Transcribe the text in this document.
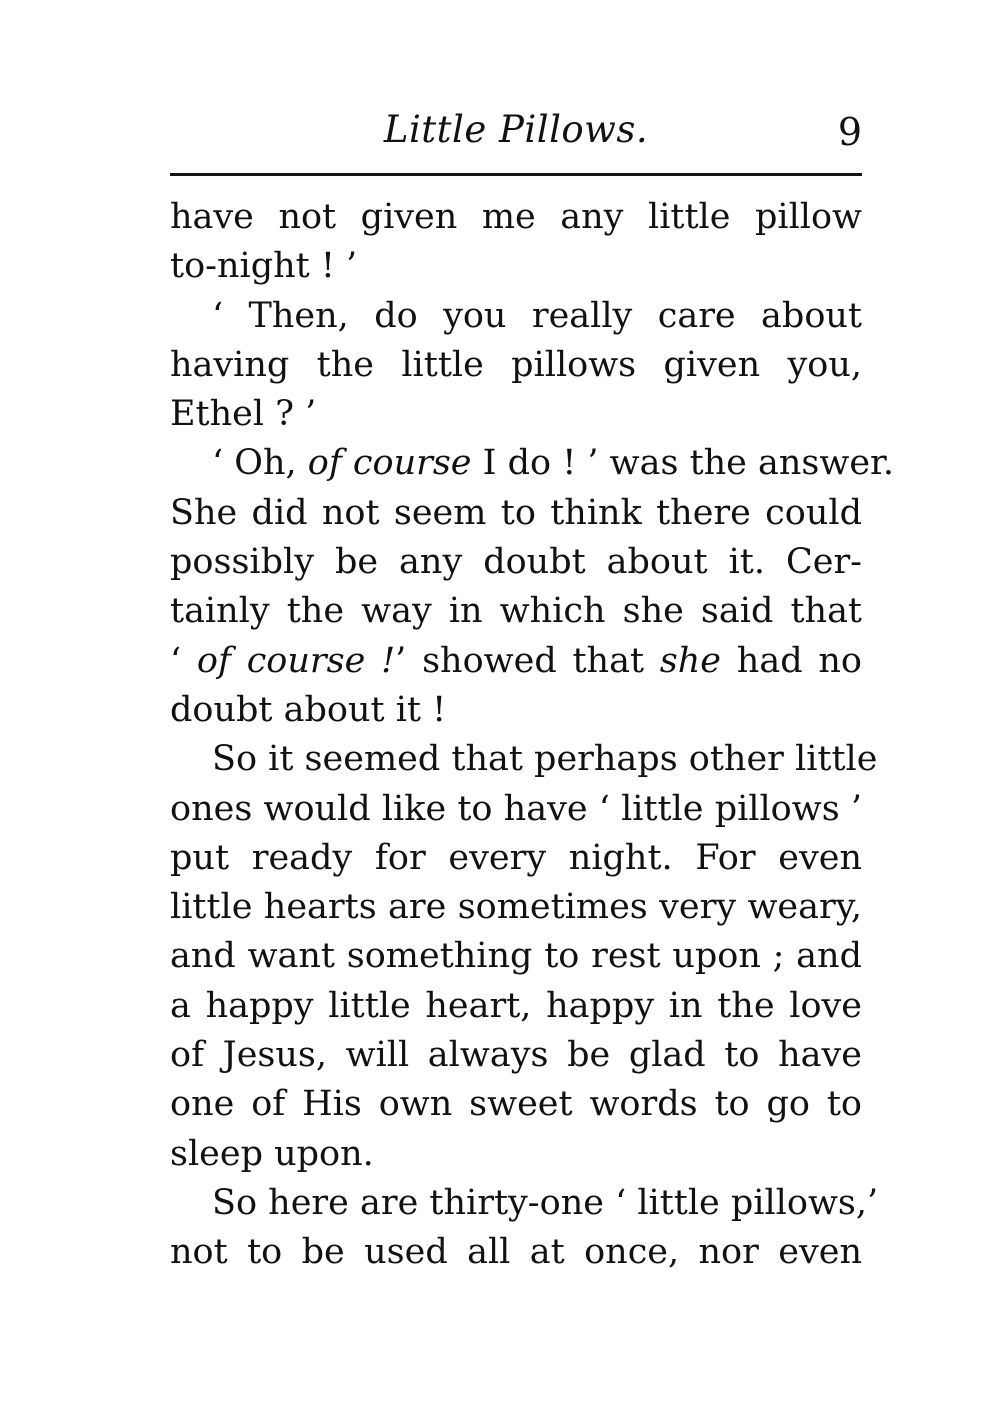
Little Pillows.	9
have not given me any little pillow
to-night ! ’
‘ Then, do you really care about
having the little pillows given you,
Ethel ? ’
‘ Oh, of course I do ! ’ was the answer.
She did not seem to think there could
possibly be any doubt about it. Cer-
tainly the way in which she said that
‘ of course !’ showed that she had no
doubt about it !
So it seemed that perhaps other little
ones would like to have ‘ little pillows ’
put ready for every night. For even
little hearts are sometimes very weary,
and want something to rest upon ; and
a happy little heart, happy in the love
of Jesus, will always be glad to have
one of His own sweet words to go to
sleep upon.
So here are thirty-one ‘ little pillows,’
not to be used all at once, nor even
